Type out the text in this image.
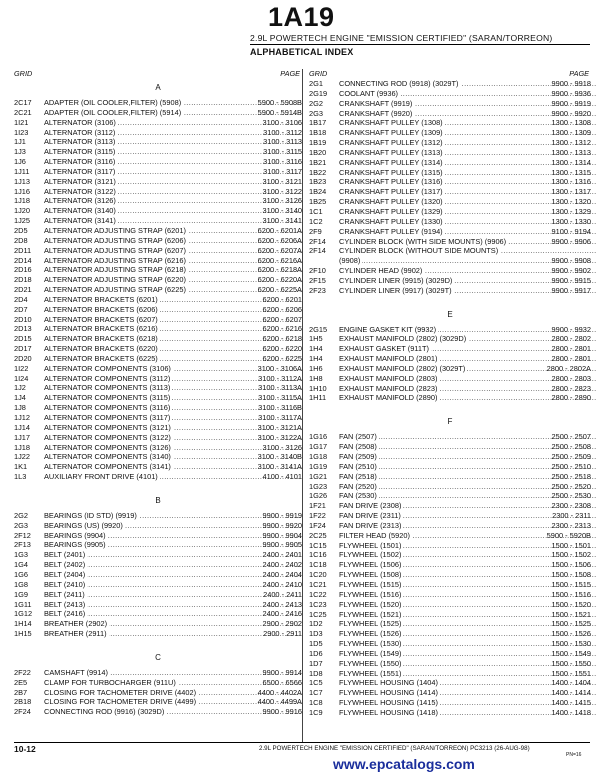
1A19
2.9L POWERTECH ENGINE "EMISSION CERTIFIED" (SARAN/TORREON)
ALPHABETICAL INDEX
GRID	PAGE
A
2C17	ADAPTER (OIL COOLER,FILTER) (5908) .....	5900 - 5908B
2C21	ADAPTER (OIL COOLER,FILTER) (5914) .....	5900 - 5914B
1I21	ALTERNATOR (3106) .....	3100 - 3106
1I23	ALTERNATOR (3112) .....	3100 - 3112
1J1	ALTERNATOR (3113) .....	3100 - 3113
1J3	ALTERNATOR (3115) .....	3100 - 3115
1J6	ALTERNATOR (3116) .....	3100 - 3116
1J11	ALTERNATOR (3117) .....	3100 - 3117
1J13	ALTERNATOR (3121) .....	3100 - 3121
1J16	ALTERNATOR (3122) .....	3100 - 3122
1J18	ALTERNATOR (3126) .....	3100 - 3126
1J20	ALTERNATOR (3140) .....	3100 - 3140
1J25	ALTERNATOR (3141) .....	3100 - 3141
2D5	ALTERNATOR ADJUSTING STRAP (6201) .....	6200 - 6201A
2D8	ALTERNATOR ADJUSTING STRAP (6206) .....	6200 - 6206A
2D11	ALTERNATOR ADJUSTING STRAP (6207) .....	6200 - 6207A
2D14	ALTERNATOR ADJUSTING STRAP (6216) .....	6200 - 6216A
2D16	ALTERNATOR ADJUSTING STRAP (6218) .....	6200 - 6218A
2D18	ALTERNATOR ADJUSTING STRAP (6220) .....	6200 - 6220A
2D21	ALTERNATOR ADJUSTING STRAP (6225) .....	6200 - 6225A
2D4	ALTERNATOR BRACKETS (6201) .....	6200 - 6201
2D7	ALTERNATOR BRACKETS (6206) .....	6200 - 6206
2D10	ALTERNATOR BRACKETS (6207) .....	6200 - 6207
2D13	ALTERNATOR BRACKETS (6216) .....	6200 - 6216
2D15	ALTERNATOR BRACKETS (6218) .....	6200 - 6218
2D17	ALTERNATOR BRACKETS (6220) .....	6200 - 6220
2D20	ALTERNATOR BRACKETS (6225) .....	6200 - 6225
1I22	ALTERNATOR COMPONENTS (3106) .....	3100 - 3106A
1I24	ALTERNATOR COMPONENTS (3112) .....	3100 - 3112A
1J2	ALTERNATOR COMPONENTS (3113) .....	3100 - 3113A
1J4	ALTERNATOR COMPONENTS (3115) .....	3100 - 3115A
1J8	ALTERNATOR COMPONENTS (3116) .....	3100 - 3116B
1J12	ALTERNATOR COMPONENTS (3117) .....	3100 - 3117A
1J14	ALTERNATOR COMPONENTS (3121) .....	3100 - 3121A
1J17	ALTERNATOR COMPONENTS (3122) .....	3100 - 3122A
1J18	ALTERNATOR COMPONENTS (3126) .....	3100 - 3126
1J22	ALTERNATOR COMPONENTS (3140) .....	3100 - 3140B
1K1	ALTERNATOR COMPONENTS (3141) .....	3100 - 3141A
1L3	AUXILIARY FRONT DRIVE (4101) .....	4100 - 4101
B
2G2	BEARINGS (ID STD) (9919) .....	9900 - 9919
2G3	BEARINGS (US) (9920) .....	9900 - 9920
2F12	BEARINGS (9904) .....	9900 - 9904
2F13	BEARINGS (9905) .....	9900 - 9905
1G3	BELT (2401) .....	2400 - 2401
1G4	BELT (2402) .....	2400 - 2402
1G6	BELT (2404) .....	2400 - 2404
1G8	BELT (2410) .....	2400 - 2410
1G9	BELT (2411) .....	2400 - 2411
1G11	BELT (2413) .....	2400 - 2413
1G12	BELT (2416) .....	2400 - 2416
1H14	BREATHER (2902) .....	2900 - 2902
1H15	BREATHER (2911) .....	2900 - 2911
C
2F22	CAMSHAFT (9914) .....	9900 - 9914
2E5	CLAMP FOR TURBOCHARGER (911U) .....	6500 - 6566
2B7	CLOSING FOR TACHOMETER DRIVE (4402) .....	4400 - 4402A
2B18	CLOSING FOR TACHOMETER DRIVE (4499) .....	4400 - 4499A
2F24	CONNECTING ROD (9916) (3029D) .....	9900 - 9916
GRID	PAGE
2G1	CONNECTING ROD (9918) (3029T) .....	9900 - 9918
2G19	COOLANT (9936) .....	9900 - 9936
2G2	CRANKSHAFT (9919) .....	9900 - 9919
2G3	CRANKSHAFT (9920) .....	9900 - 9920
1B17	CRANKSHAFT PULLEY (1308) .....	1300 - 1308
1B18	CRANKSHAFT PULLEY (1309) .....	1300 - 1309
1B19	CRANKSHAFT PULLEY (1312) .....	1300 - 1312
1B20	CRANKSHAFT PULLEY (1313) .....	1300 - 1313
1B21	CRANKSHAFT PULLEY (1314) .....	1300 - 1314
1B22	CRANKSHAFT PULLEY (1315) .....	1300 - 1315
1B23	CRANKSHAFT PULLEY (1316) .....	1300 - 1316
1B24	CRANKSHAFT PULLEY (1317) .....	1300 - 1317
1B25	CRANKSHAFT PULLEY (1320) .....	1300 - 1320
1C1	CRANKSHAFT PULLEY (1329) .....	1300 - 1329
1C2	CRANKSHAFT PULLEY (1330) .....	1300 - 1330
2F9	CRANKSHAFT PULLEY (9194) .....	9100 - 9194
2F14	CYLINDER BLOCK (WITH SIDE MOUNTS) (9906) .....	9900 - 9906
2F14	CYLINDER BLOCK (WITHOUT SIDE MOUNTS) .....
(9908) .....	9900 - 9908
2F10	CYLINDER HEAD (9902) .....	9900 - 9902
2F15	CYLINDER LINER (9915) (3029D) .....	9900 - 9915
2F23	CYLINDER LINER (9917) (3029T) .....	9900 - 9917
E
2G15	ENGINE GASKET KIT (9932) .....	9900 - 9932
1H5	EXHAUST MANIFOLD (2802) (3029D) .....	2800 - 2802
1H4	EXHAUST GASKET (911T) .....	2800 - 2801
1H4	EXHAUST MANIFOLD (2801) .....	2800 - 2801
1H6	EXHAUST MANIFOLD (2802) (3029T) .....	2800 - 2802A
1H8	EXHAUST MANIFOLD (2803) .....	2800 - 2803
1H10	EXHAUST MANIFOLD (2823) .....	2800 - 2823
1H11	EXHAUST MANIFOLD (2890) .....	2800 - 2890
F
1G16	FAN (2507) .....	2500 - 2507
1G17	FAN (2508) .....	2500 - 2508
1G18	FAN (2509) .....	2500 - 2509
1G19	FAN (2510) .....	2500 - 2510
1G21	FAN (2518) .....	2500 - 2518
1G23	FAN (2520) .....	2500 - 2520
1G26	FAN (2530) .....	2500 - 2530
1F21	FAN DRIVE (2308) .....	2300 - 2308
1F22	FAN DRIVE (2311) .....	2300 - 2311
1F24	FAN DRIVE (2313) .....	2300 - 2313
2C25	FILTER HEAD (5920) .....	5900 - 5920B
1C15	FLYWHEEL (1501) .....	1500 - 1501
1C16	FLYWHEEL (1502) .....	1500 - 1502
1C18	FLYWHEEL (1506) .....	1500 - 1506
1C20	FLYWHEEL (1508) .....	1500 - 1508
1C21	FLYWHEEL (1515) .....	1500 - 1515
1C22	FLYWHEEL (1516) .....	1500 - 1516
1C23	FLYWHEEL (1520) .....	1500 - 1520
1C25	FLYWHEEL (1521) .....	1500 - 1521
1D2	FLYWHEEL (1525) .....	1500 - 1525
1D3	FLYWHEEL (1526) .....	1500 - 1526
1D5	FLYWHEEL (1530) .....	1500 - 1530
1D6	FLYWHEEL (1549) .....	1500 - 1549
1D7	FLYWHEEL (1550) .....	1500 - 1550
1D8	FLYWHEEL (1551) .....	1500 - 1551
1C5	FLYWHEEL HOUSING (1404) .....	1400 - 1404
1C7	FLYWHEEL HOUSING (1414) .....	1400 - 1414
1C8	FLYWHEEL HOUSING (1415) .....	1400 - 1415
1C9	FLYWHEEL HOUSING (1418) .....	1400 - 1418
10-12	2.9L POWERTECH ENGINE "EMISSION CERTIFIED" (SARAN/TORREON) PC3213 (26-AUG-98)
PN=16
www.epcatalogs.com
